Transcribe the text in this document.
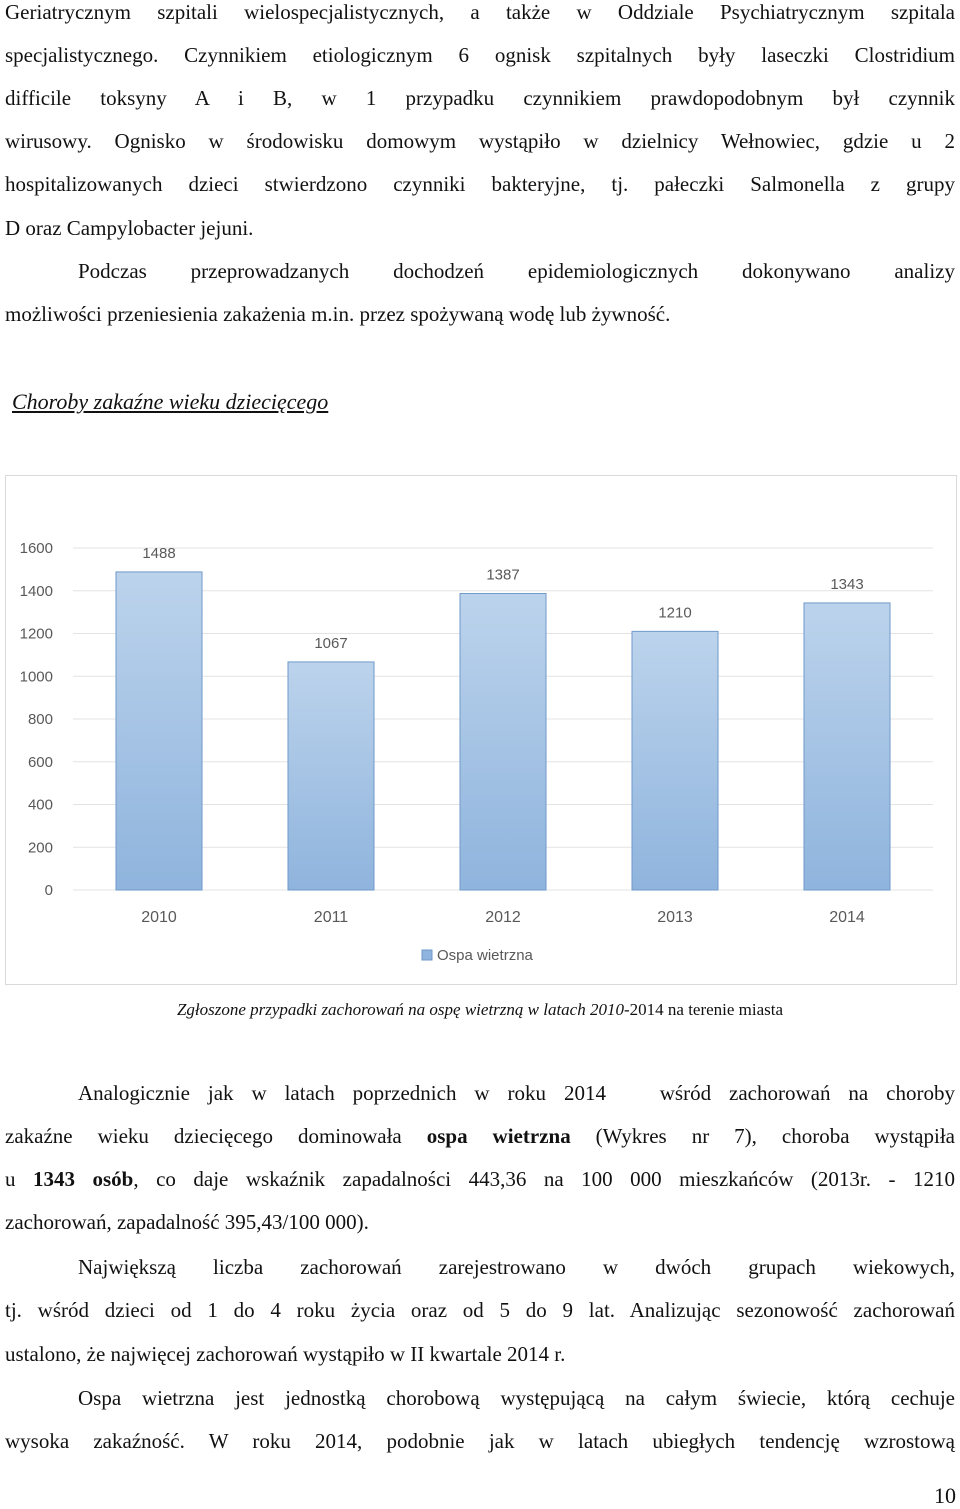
Geriatrycznym szpitali wielospecjalistycznych, a także w Oddziale Psychiatrycznym szpitala
specjalistycznego. Czynnikiem etiologicznym 6 ognisk szpitalnych były laseczki Clostridium
difficile toksyny A i B, w 1 przypadku czynnikiem prawdopodobnym był czynnik
wirusowy. Ognisko w środowisku domowym wystąpiło w dzielnicy Wełnowiec, gdzie u 2
hospitalizowanych dzieci stwierdzono czynniki bakteryjne, tj. pałeczki Salmonella z grupy
D oraz Campylobacter jejuni.
Podczas przeprowadzanych dochodzeń epidemiologicznych dokonywano analizy
możliwości przeniesienia zakażenia m.in. przez spożywaną wodę lub żywność.
Choroby zakaźne wieku dziecięcego
0
200
400
600
800
1000
1200
1400
1600	1488
1067
1387
1210
1343
2010	2011	2012	2013	2014
Ospa wietrzna
Zgłoszone przypadki zachorowań na ospę wietrzną w latach 2010-2014 na terenie miasta
Analogicznie jak w latach poprzednich w roku 2014   wśród zachorowań na choroby
zakaźne wieku dziecięcego dominowała ospa wietrzna (Wykres nr 7), choroba wystąpiła
u 1343 osób, co daje wskaźnik zapadalności 443,36 na 100 000 mieszkańców (2013r. - 1210
zachorowań, zapadalność 395,43/100 000).
Największą liczba zachorowań zarejestrowano w dwóch grupach wiekowych,
tj. wśród dzieci od 1 do 4 roku życia oraz od 5 do 9 lat. Analizując sezonowość zachorowań
ustalono, że najwięcej zachorowań wystąpiło w II kwartale 2014 r.
Ospa wietrzna jest jednostką chorobową występującą na całym świecie, którą cechuje
wysoka zakaźność. W roku 2014, podobnie jak w latach ubiegłych tendencję wzrostową
10
